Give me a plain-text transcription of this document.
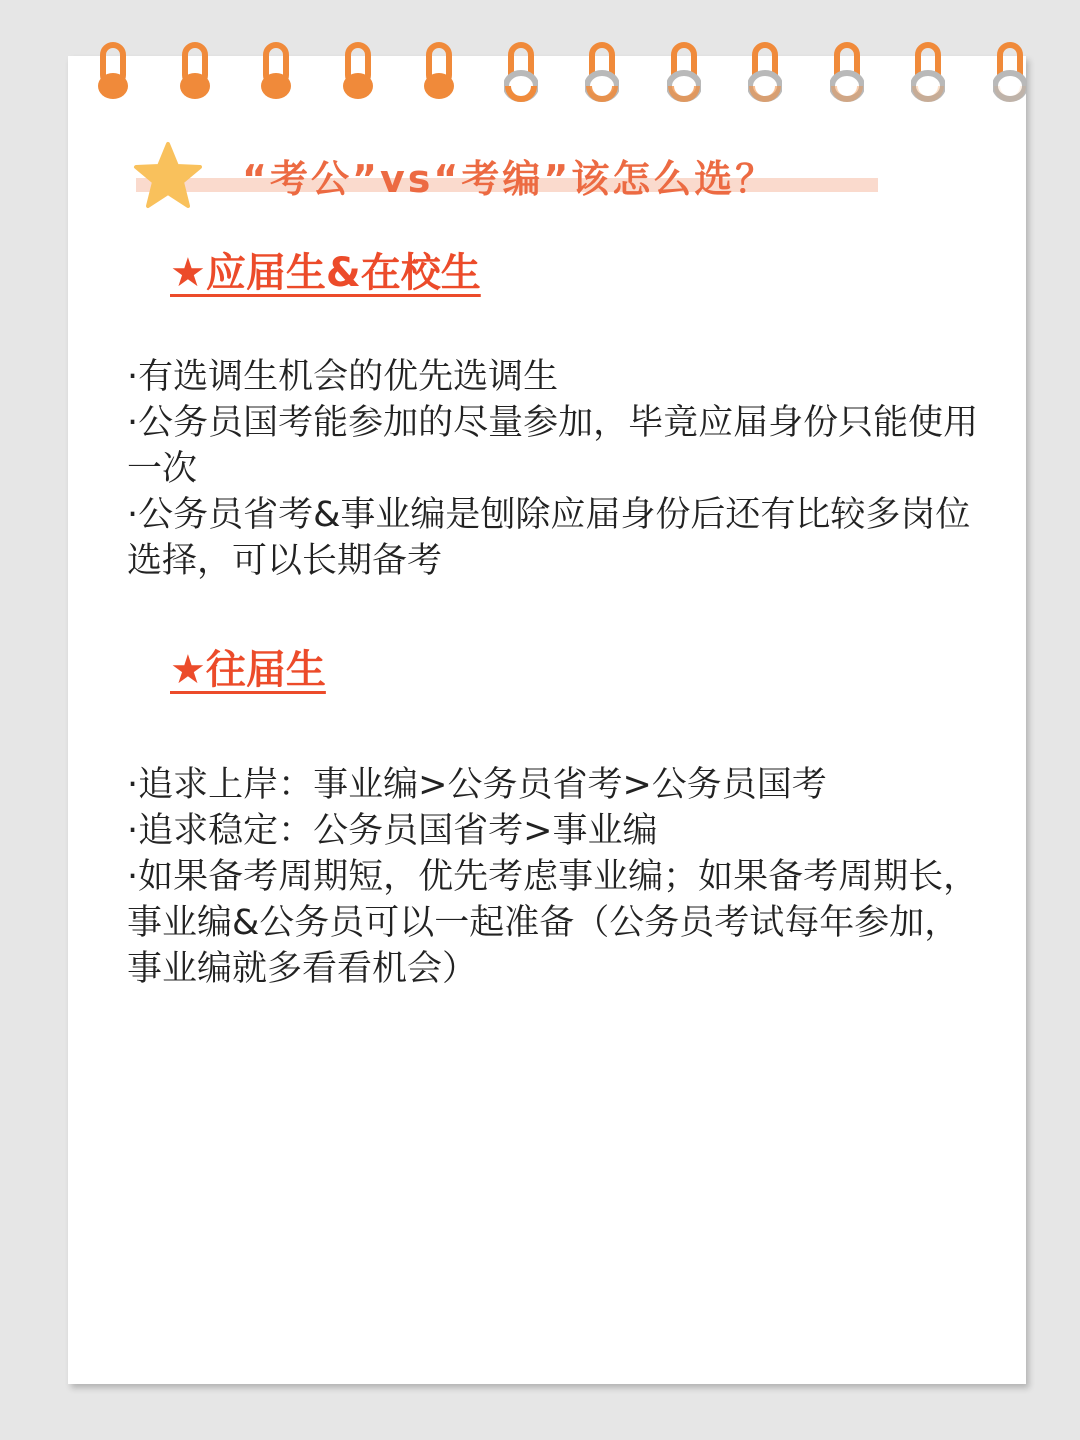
“考公”vs“考编”该怎么选？
★应届生&在校生
·有选调生机会的优先选调生
·公务员国考能参加的尽量参加，毕竟应届身份只能使用一次
·公务员省考&事业编是刨除应届身份后还有比较多岗位选择，可以长期备考
★往届生
·追求上岸：事业编>公务员省考>公务员国考
·追求稳定：公务员国省考>事业编
·如果备考周期短，优先考虑事业编；如果备考周期长，事业编&公务员可以一起准备（公务员考试每年参加，事业编就多看看机会）
